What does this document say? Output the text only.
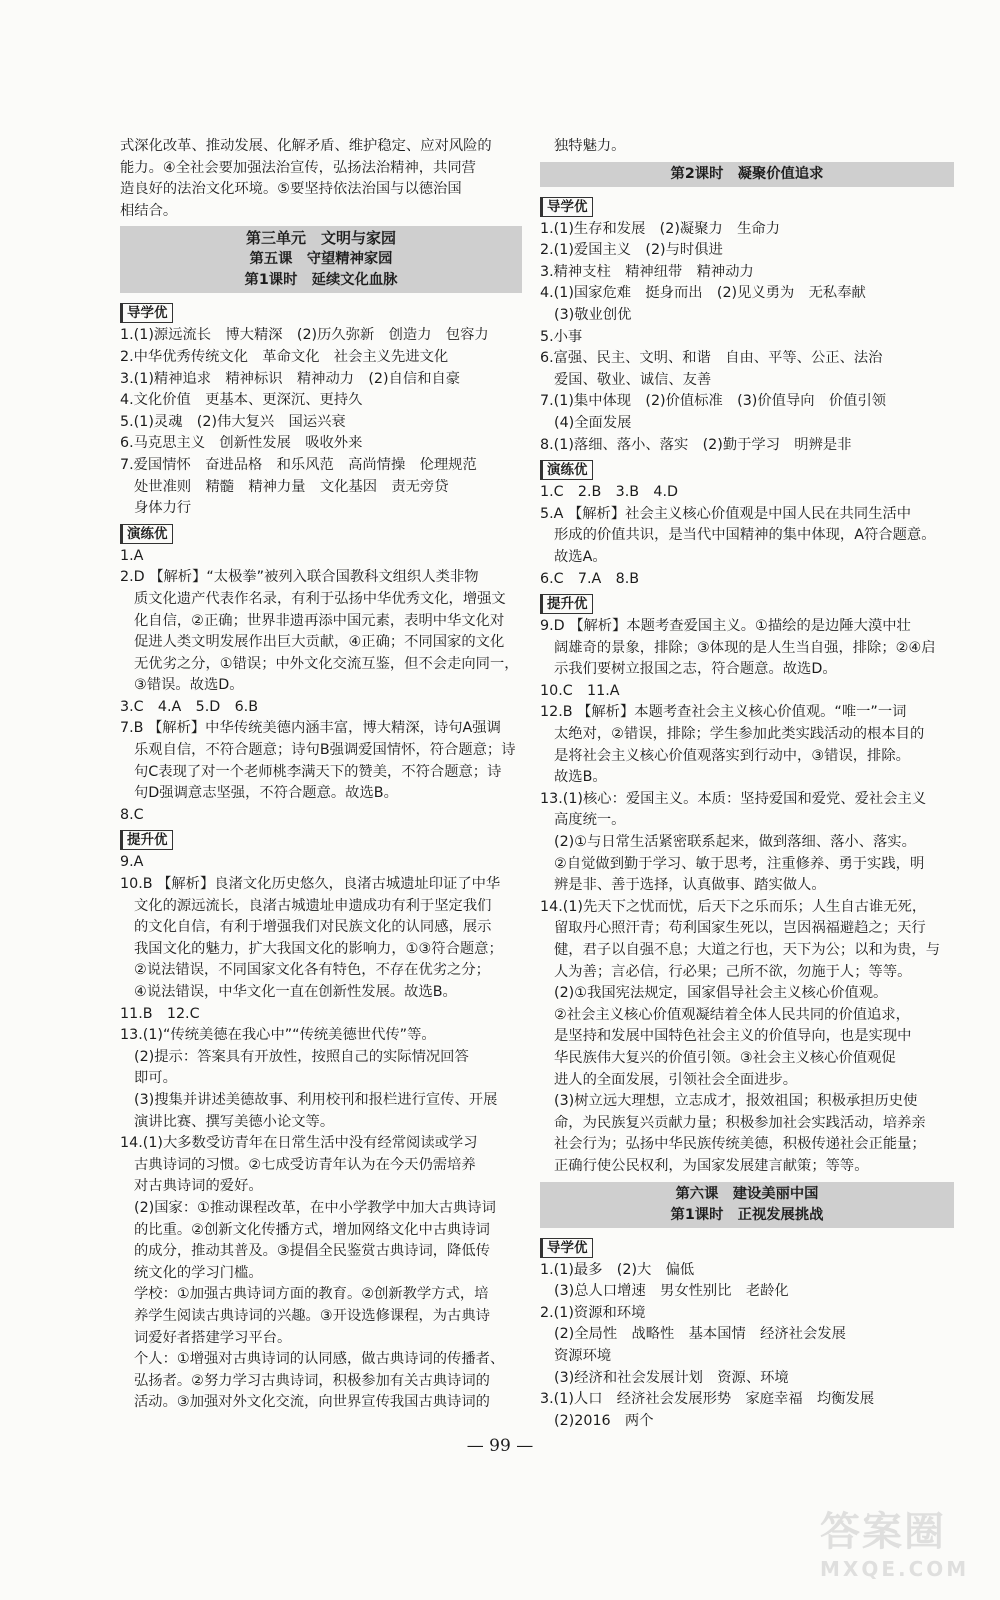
式深化改革、推动发展、化解矛盾、维护稳定、应对风险的
能力。④全社会要加强法治宣传，弘扬法治精神，共同营
造良好的法治文化环境。⑤要坚持依法治国与以德治国
相结合。
第三单元　文明与家园
第五课　守望精神家园
第1课时　延续文化血脉
导学优
1.(1)源远流长　博大精深　(2)历久弥新　创造力　包容力
2.中华优秀传统文化　革命文化　社会主义先进文化
3.(1)精神追求　精神标识　精神动力　(2)自信和自豪
4.文化价值　更基本、更深沉、更持久
5.(1)灵魂　(2)伟大复兴　国运兴衰
6.马克思主义　创新性发展　吸收外来
7.爱国情怀　奋进品格　和乐风范　高尚情操　伦理规范
处世准则　精髓　精神力量　文化基因　责无旁贷
身体力行
演练优
1.A
2.D 【解析】“太极拳”被列入联合国教科文组织人类非物
质文化遗产代表作名录，有利于弘扬中华优秀文化，增强文
化自信，②正确；世界非遗再添中国元素，表明中华文化对
促进人类文明发展作出巨大贡献，④正确；不同国家的文化
无优劣之分，①错误；中外文化交流互鉴，但不会走向同一，
③错误。故选D。
3.C　4.A　5.D　6.B
7.B 【解析】中华传统美德内涵丰富，博大精深，诗句A强调
乐观自信，不符合题意；诗句B强调爱国情怀，符合题意；诗
句C表现了对一个老师桃李满天下的赞美，不符合题意；诗
句D强调意志坚强，不符合题意。故选B。
8.C
提升优
9.A
10.B 【解析】良渚文化历史悠久，良渚古城遗址印证了中华
文化的源远流长，良渚古城遗址申遗成功有利于坚定我们
的文化自信，有利于增强我们对民族文化的认同感，展示
我国文化的魅力，扩大我国文化的影响力，①③符合题意；
②说法错误，不同国家文化各有特色，不存在优劣之分；
④说法错误，中华文化一直在创新性发展。故选B。
11.B　12.C
13.(1)“传统美德在我心中”“传统美德世代传”等。
(2)提示：答案具有开放性，按照自己的实际情况回答
即可。
(3)搜集并讲述美德故事、利用校刊和报栏进行宣传、开展
演讲比赛、撰写美德小论文等。
14.(1)大多数受访青年在日常生活中没有经常阅读或学习
古典诗词的习惯。②七成受访青年认为在今天仍需培养
对古典诗词的爱好。
(2)国家：①推动课程改革，在中小学教学中加大古典诗词
的比重。②创新文化传播方式，增加网络文化中古典诗词
的成分，推动其普及。③提倡全民鉴赏古典诗词，降低传
统文化的学习门槛。
学校：①加强古典诗词方面的教育。②创新教学方式，培
养学生阅读古典诗词的兴趣。③开设选修课程，为古典诗
词爱好者搭建学习平台。
个人：①增强对古典诗词的认同感，做古典诗词的传播者、
弘扬者。②努力学习古典诗词，积极参加有关古典诗词的
活动。③加强对外文化交流，向世界宣传我国古典诗词的
独特魅力。
第2课时　凝聚价值追求
导学优
1.(1)生存和发展　(2)凝聚力　生命力
2.(1)爱国主义　(2)与时俱进
3.精神支柱　精神纽带　精神动力
4.(1)国家危难　挺身而出　(2)见义勇为　无私奉献
(3)敬业创优
5.小事
6.富强、民主、文明、和谐　自由、平等、公正、法治
爱国、敬业、诚信、友善
7.(1)集中体现　(2)价值标准　(3)价值导向　价值引领
(4)全面发展
8.(1)落细、落小、落实　(2)勤于学习　明辨是非
演练优
1.C　2.B　3.B　4.D
5.A 【解析】社会主义核心价值观是中国人民在共同生活中
形成的价值共识，是当代中国精神的集中体现，A符合题意。
故选A。
6.C　7.A　8.B
提升优
9.D 【解析】本题考查爱国主义。①描绘的是边陲大漠中壮
阔雄奇的景象，排除；③体现的是人生当自强，排除；②④启
示我们要树立报国之志，符合题意。故选D。
10.C　11.A
12.B 【解析】本题考查社会主义核心价值观。“唯一”一词
太绝对，②错误，排除；学生参加此类实践活动的根本目的
是将社会主义核心价值观落实到行动中，③错误，排除。
故选B。
13.(1)核心：爱国主义。本质：坚持爱国和爱党、爱社会主义
高度统一。
(2)①与日常生活紧密联系起来，做到落细、落小、落实。
②自觉做到勤于学习、敏于思考，注重修养、勇于实践，明
辨是非、善于选择，认真做事、踏实做人。
14.(1)先天下之忧而忧，后天下之乐而乐；人生自古谁无死，
留取丹心照汗青；苟利国家生死以，岂因祸福避趋之；天行
健，君子以自强不息；大道之行也，天下为公；以和为贵，与
人为善；言必信，行必果；己所不欲，勿施于人；等等。
(2)①我国宪法规定，国家倡导社会主义核心价值观。
②社会主义核心价值观凝结着全体人民共同的价值追求，
是坚持和发展中国特色社会主义的价值导向，也是实现中
华民族伟大复兴的价值引领。③社会主义核心价值观促
进人的全面发展，引领社会全面进步。
(3)树立远大理想，立志成才，报效祖国；积极承担历史使
命，为民族复兴贡献力量；积极参加社会实践活动，培养亲
社会行为；弘扬中华民族传统美德，积极传递社会正能量；
正确行使公民权利，为国家发展建言献策；等等。
第六课　建设美丽中国
第1课时　正视发展挑战
导学优
1.(1)最多　(2)大　偏低
(3)总人口增速　男女性别比　老龄化
2.(1)资源和环境
(2)全局性　战略性　基本国情　经济社会发展
资源环境
(3)经济和社会发展计划　资源、环境
3.(1)人口　经济社会发展形势　家庭幸福　均衡发展
(2)2016　两个
— 99 —
答案圈
MXQE.COM
